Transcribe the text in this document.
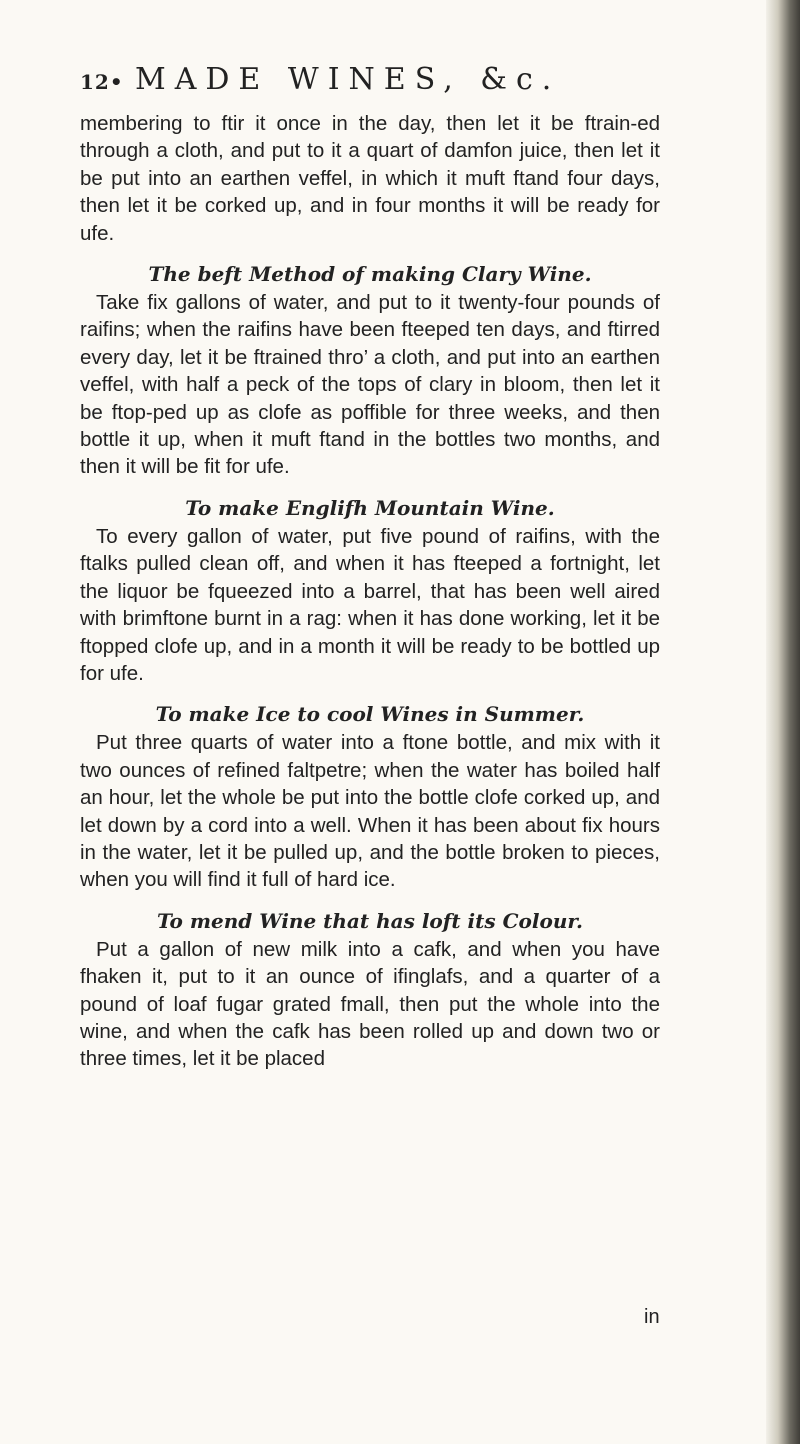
12• MADE WINES, &c.

membering to ftir it once in the day, then let it be ftrain-ed through a cloth, and put to it a quart of damfon juice, then let it be put into an earthen veffel, in which it muft ftand four days, then let it be corked up, and in four months it will be ready for ufe.

The beft Method of making Clary Wine.

Take fix gallons of water, and put to it twenty-four pounds of raifins; when the raifins have been fteeped ten days, and ftirred every day, let it be ftrained thro’ a cloth, and put into an earthen veffel, with half a peck of the tops of clary in bloom, then let it be ftop-ped up as clofe as poffible for three weeks, and then bottle it up, when it muft ftand in the bottles two months, and then it will be fit for ufe.

To make Englifh Mountain Wine.

To every gallon of water, put five pound of raifins, with the ftalks pulled clean off, and when it has fteeped a fortnight, let the liquor be fqueezed into a barrel, that has been well aired with brimftone burnt in a rag: when it has done working, let it be ftopped clofe up, and in a month it will be ready to be bottled up for ufe.

To make Ice to cool Wines in Summer.

Put three quarts of water into a ftone bottle, and mix with it two ounces of refined faltpetre; when the water has boiled half an hour, let the whole be put into the bottle clofe corked up, and let down by a cord into a well. When it has been about fix hours in the water, let it be pulled up, and the bottle broken to pieces, when you will find it full of hard ice.

To mend Wine that has loft its Colour.

Put a gallon of new milk into a cafk, and when you have fhaken it, put to it an ounce of ifinglafs, and a quarter of a pound of loaf fugar grated fmall, then put the whole into the wine, and when the cafk has been rolled up and down two or three times, let it be placed

in
